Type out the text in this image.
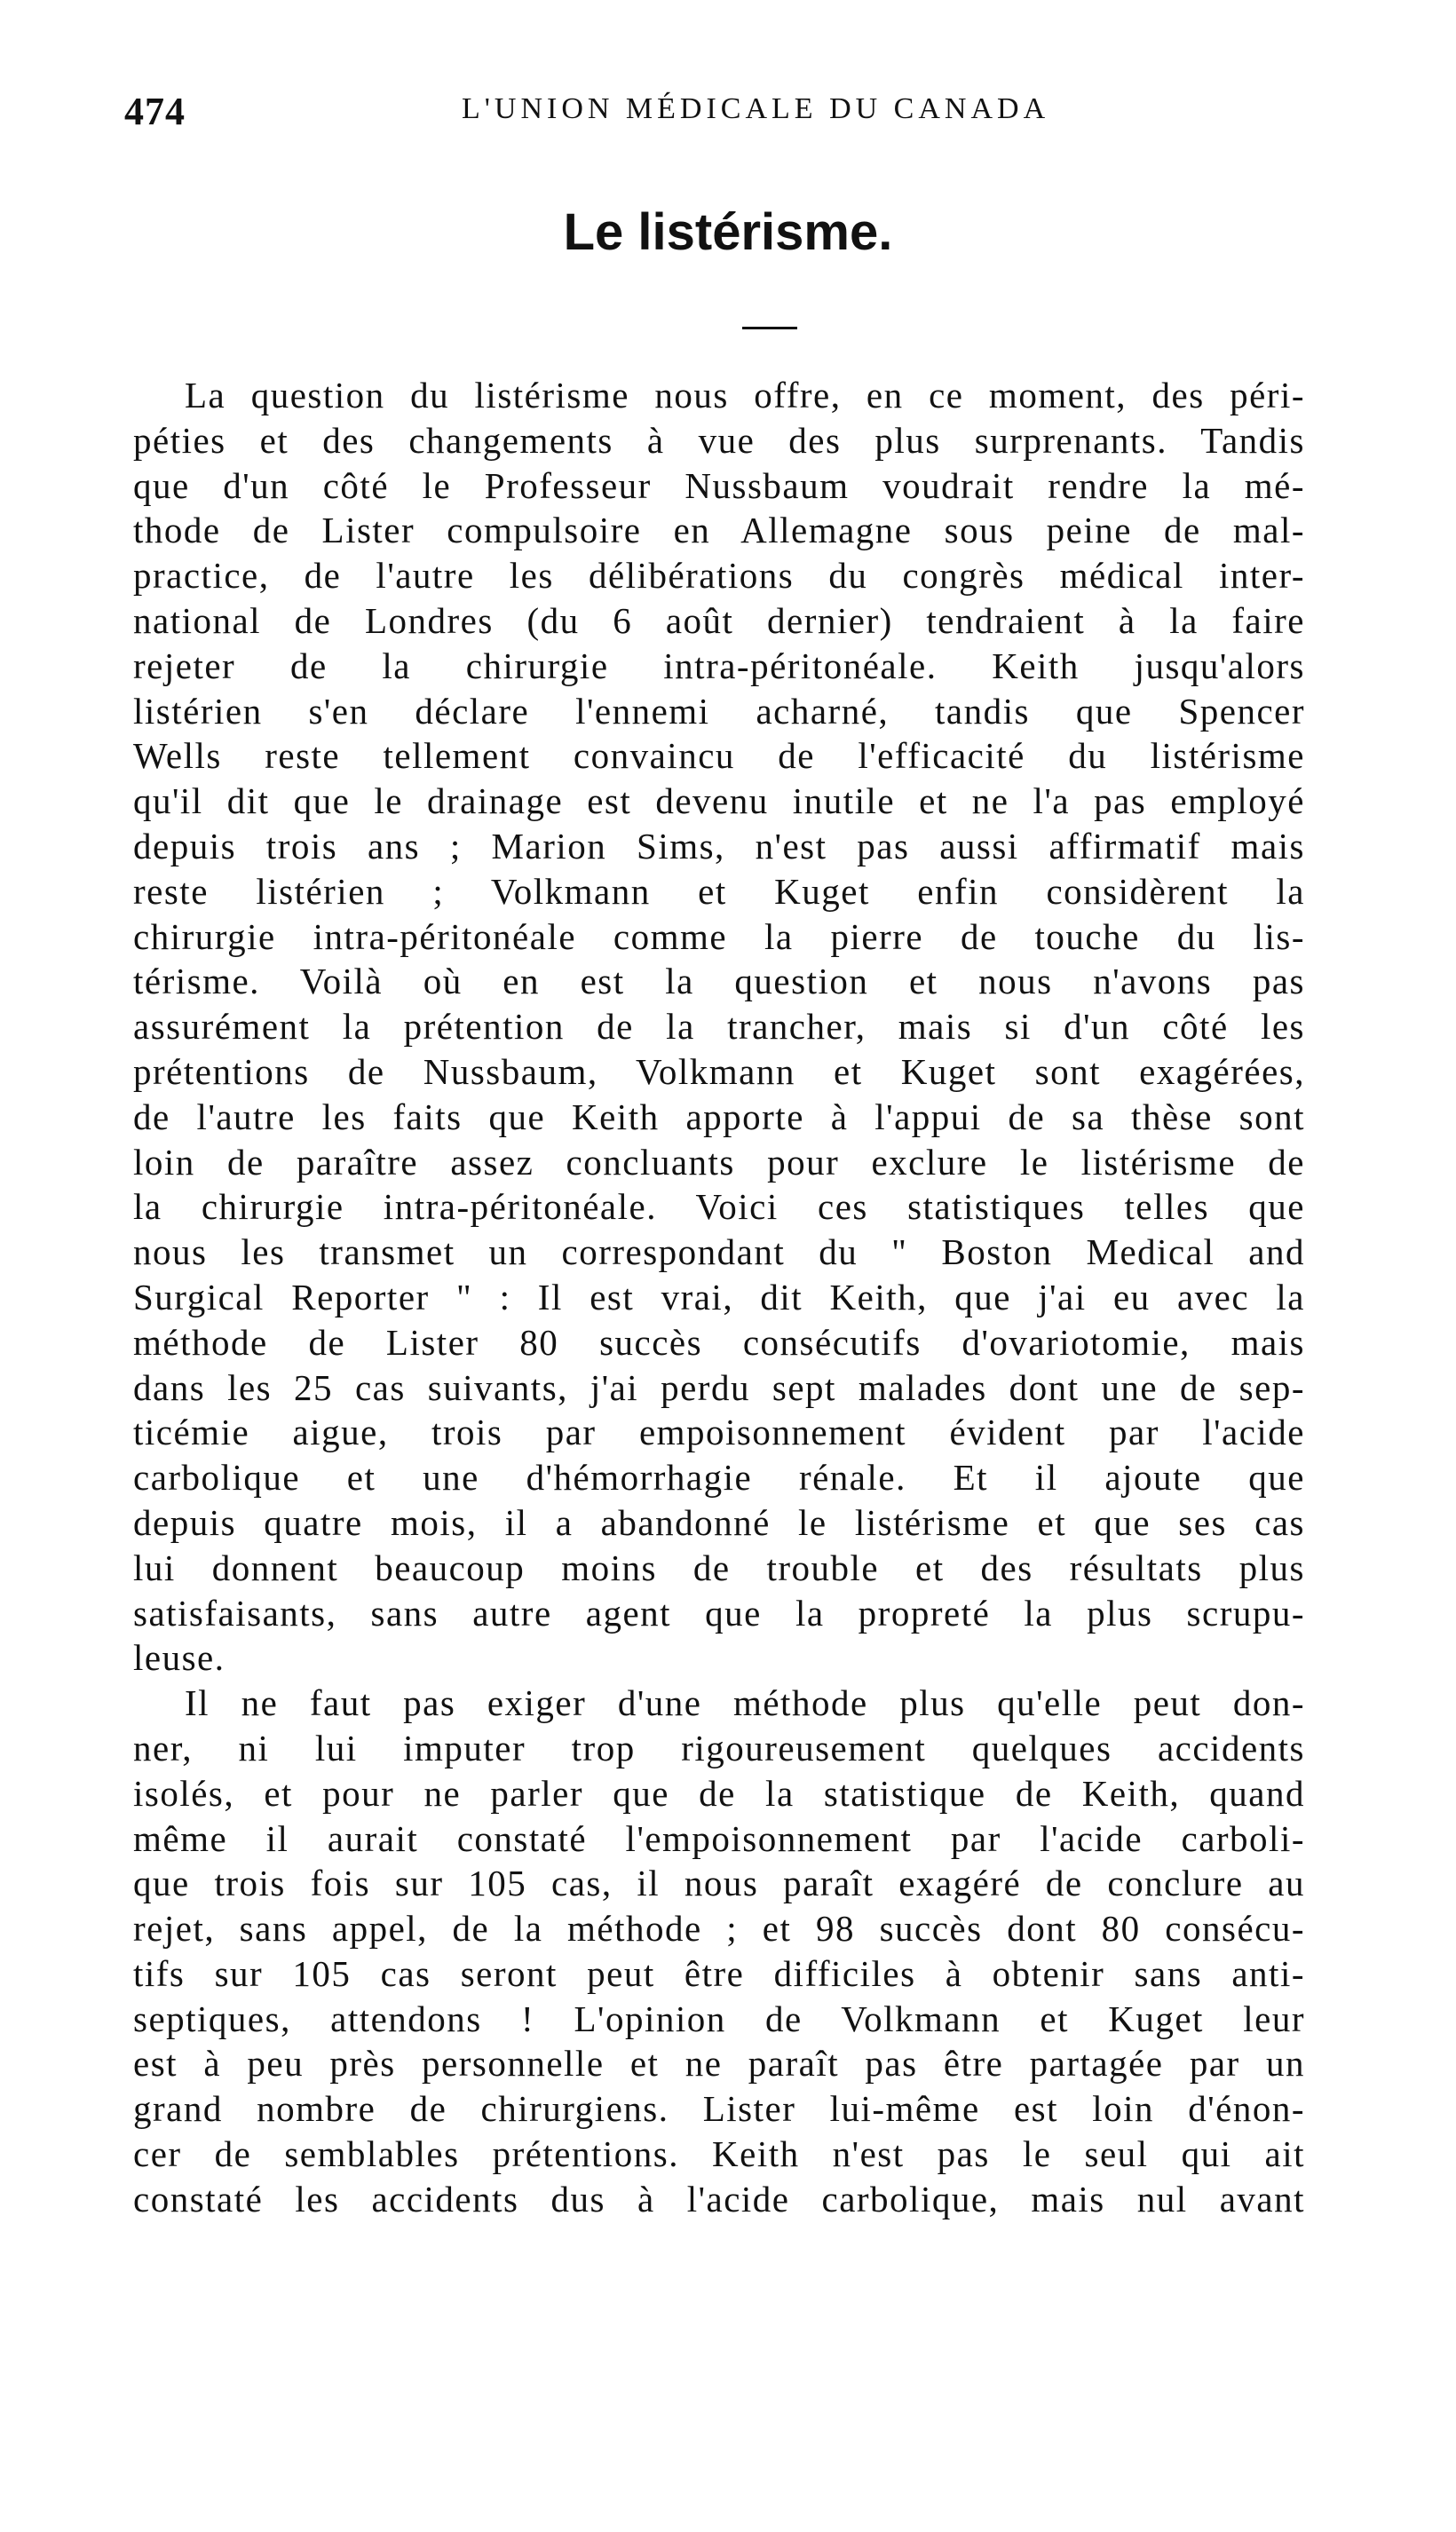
474	L'UNION MÉDICALE DU CANADA
Le listérisme.

La question du listérisme nous offre, en ce moment, des péri-
péties et des changements à vue des plus surprenants. Tandis
que d'un côté le Professeur Nussbaum voudrait rendre la mé-
thode de Lister compulsoire en Allemagne sous peine de mal-
practice, de l'autre les délibérations du congrès médical inter-
national de Londres (du 6 août dernier) tendraient à la faire
rejeter de la chirurgie intra-péritonéale. Keith jusqu'alors
listérien s'en déclare l'ennemi acharné, tandis que Spencer
Wells reste tellement convaincu de l'efficacité du listérisme
qu'il dit que le drainage est devenu inutile et ne l'a pas employé
depuis trois ans ; Marion Sims, n'est pas aussi affirmatif mais
reste listérien ; Volkmann et Kuget enfin considèrent la
chirurgie intra-péritonéale comme la pierre de touche du lis-
térisme. Voilà où en est la question et nous n'avons pas
assurément la prétention de la trancher, mais si d'un côté les
prétentions de Nussbaum, Volkmann et Kuget sont exagérées,
de l'autre les faits que Keith apporte à l'appui de sa thèse sont
loin de paraître assez concluants pour exclure le listérisme de
la chirurgie intra-péritonéale. Voici ces statistiques telles que
nous les transmet un correspondant du " Boston Medical and
Surgical Reporter " : Il est vrai, dit Keith, que j'ai eu avec la
méthode de Lister 80 succès consécutifs d'ovariotomie, mais
dans les 25 cas suivants, j'ai perdu sept malades dont une de sep-
ticémie aigue, trois par empoisonnement évident par l'acide
carbolique et une d'hémorrhagie rénale. Et il ajoute que
depuis quatre mois, il a abandonné le listérisme et que ses cas
lui donnent beaucoup moins de trouble et des résultats plus
satisfaisants, sans autre agent que la propreté la plus scrupu-
leuse.

Il ne faut pas exiger d'une méthode plus qu'elle peut don-
ner, ni lui imputer trop rigoureusement quelques accidents
isolés, et pour ne parler que de la statistique de Keith, quand
même il aurait constaté l'empoisonnement par l'acide carboli-
que trois fois sur 105 cas, il nous paraît exagéré de conclure au
rejet, sans appel, de la méthode ; et 98 succès dont 80 consécu-
tifs sur 105 cas seront peut être difficiles à obtenir sans anti-
septiques, attendons ! L'opinion de Volkmann et Kuget leur
est à peu près personnelle et ne paraît pas être partagée par un
grand nombre de chirurgiens. Lister lui-même est loin d'énon-
cer de semblables prétentions. Keith n'est pas le seul qui ait
constaté les accidents dus à l'acide carbolique, mais nul avant
